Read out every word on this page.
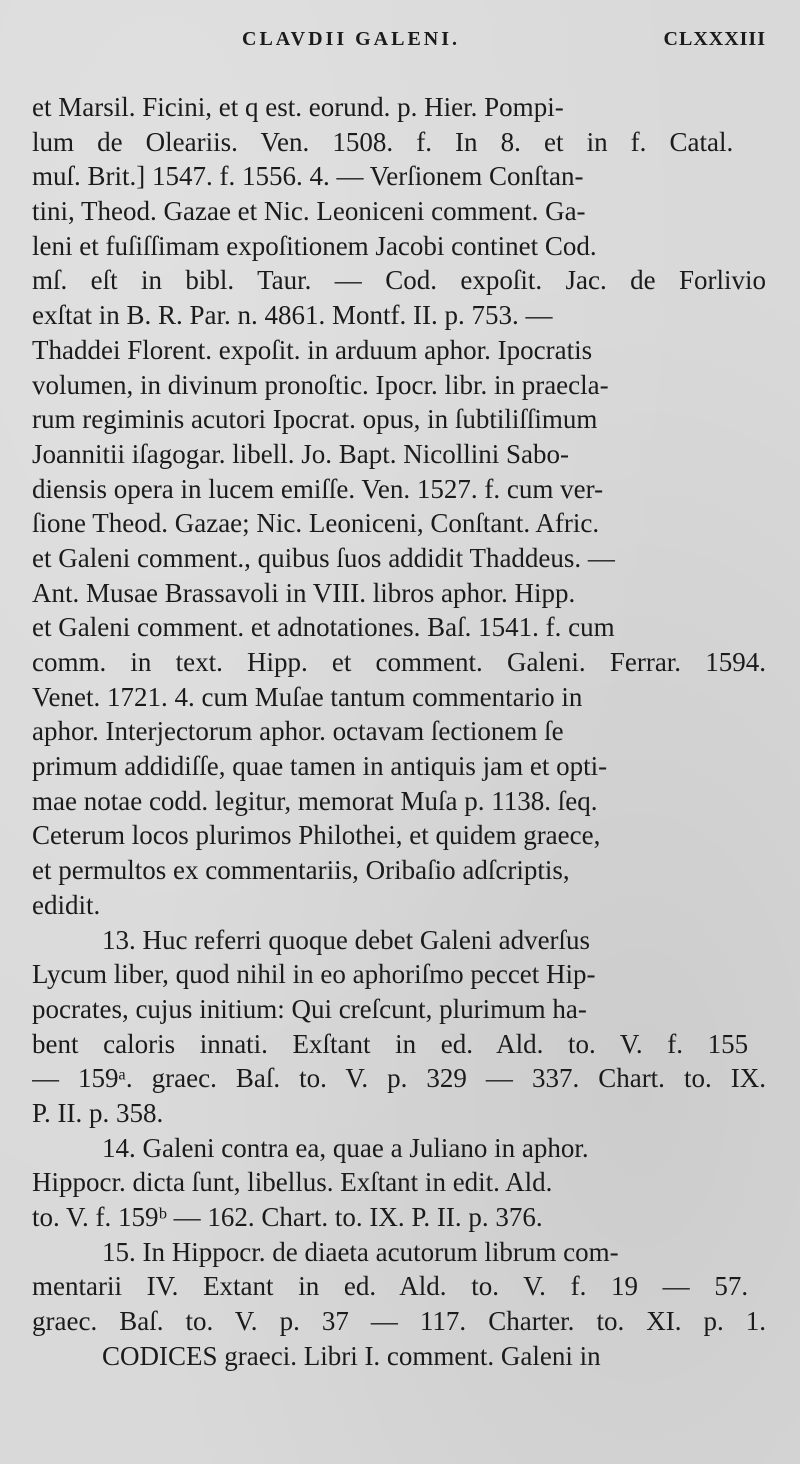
CLAVDII GALENI.	CLXXXIII
et Marsil. Ficini, et q est. eorund. p. Hier. Pompi-
lum de Oleariis. Ven. 1508. f. In 8. et in f. Catal.
muſ. Brit.] 1547. f. 1556. 4. — Verſionem Conſtan-
tini, Theod. Gazae et Nic. Leoniceni comment. Ga-
leni et fuſiſſimam expoſitionem Jacobi continet Cod.
mſ. eſt in bibl. Taur. — Cod. expoſit. Jac. de Forlivio
exſtat in B. R. Par. n. 4861. Montf. II. p. 753. —
Thaddei Florent. expoſit. in arduum aphor. Ipocratis
volumen, in divinum pronoſtic. Ipocr. libr. in praecla-
rum regiminis acutori Ipocrat. opus, in ſubtiliſſimum
Joannitii iſagogar. libell. Jo. Bapt. Nicollini Sabo-
diensis opera in lucem emiſſe. Ven. 1527. f. cum ver-
ſione Theod. Gazae; Nic. Leoniceni, Conſtant. Afric.
et Galeni comment., quibus ſuos addidit Thaddeus. —
Ant. Musae Brassavoli in VIII. libros aphor. Hipp.
et Galeni comment. et adnotationes. Baſ. 1541. f. cum
comm. in text. Hipp. et comment. Galeni. Ferrar. 1594.
Venet. 1721. 4. cum Muſae tantum commentario in
aphor. Interjectorum aphor. octavam ſectionem ſe
primum addidiſſe, quae tamen in antiquis jam et opti-
mae notae codd. legitur, memorat Muſa p. 1138. ſeq.
Ceterum locos plurimos Philothei, et quidem graece,
et permultos ex commentariis, Oribaſio adſcriptis,
edidit.
13. Huc referri quoque debet Galeni adverſus
Lycum liber, quod nihil in eo aphoriſmo peccet Hip-
pocrates, cujus initium: Qui creſcunt, plurimum ha-
bent caloris innati. Exſtant in ed. Ald. to. V. f. 155
— 159ᵃ. graec. Baſ. to. V. p. 329 — 337. Chart. to. IX.
P. II. p. 358.
14. Galeni contra ea, quae a Juliano in aphor.
Hippocr. dicta ſunt, libellus. Exſtant in edit. Ald.
to. V. f. 159ᵇ — 162. Chart. to. IX. P. II. p. 376.
15. In Hippocr. de diaeta acutorum librum com-
mentarii IV. Extant in ed. Ald. to. V. f. 19 — 57.
graec. Baſ. to. V. p. 37 — 117. Charter. to. XI. p. 1.
CODICES graeci. Libri I. comment. Galeni in
